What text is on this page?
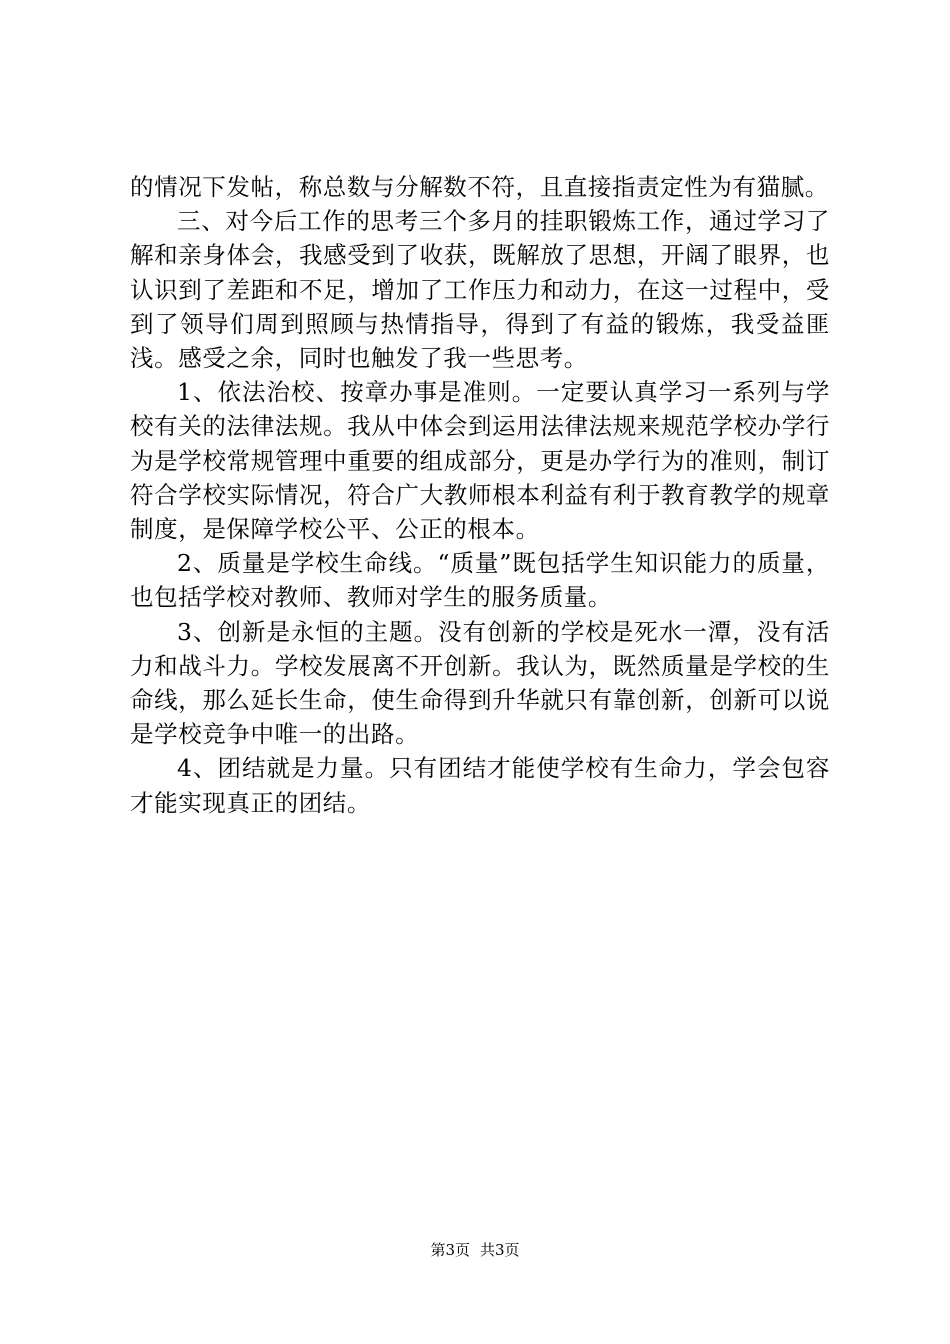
的情况下发帖，称总数与分解数不符，且直接指责定性为有猫腻。

三、对今后工作的思考三个多月的挂职锻炼工作，通过学习了解和亲身体会，我感受到了收获，既解放了思想，开阔了眼界，也认识到了差距和不足，增加了工作压力和动力，在这一过程中，受到了领导们周到照顾与热情指导，得到了有益的锻炼，我受益匪浅。感受之余，同时也触发了我一些思考。

1、依法治校、按章办事是准则。一定要认真学习一系列与学校有关的法律法规。我从中体会到运用法律法规来规范学校办学行为是学校常规管理中重要的组成部分，更是办学行为的准则，制订符合学校实际情况，符合广大教师根本利益有利于教育教学的规章制度，是保障学校公平、公正的根本。

2、质量是学校生命线。“质量”既包括学生知识能力的质量，也包括学校对教师、教师对学生的服务质量。

3、创新是永恒的主题。没有创新的学校是死水一潭，没有活力和战斗力。学校发展离不开创新。我认为，既然质量是学校的生命线，那么延长生命，使生命得到升华就只有靠创新，创新可以说是学校竞争中唯一的出路。

4、团结就是力量。只有团结才能使学校有生命力，学会包容才能实现真正的团结。

第3页 共3页
